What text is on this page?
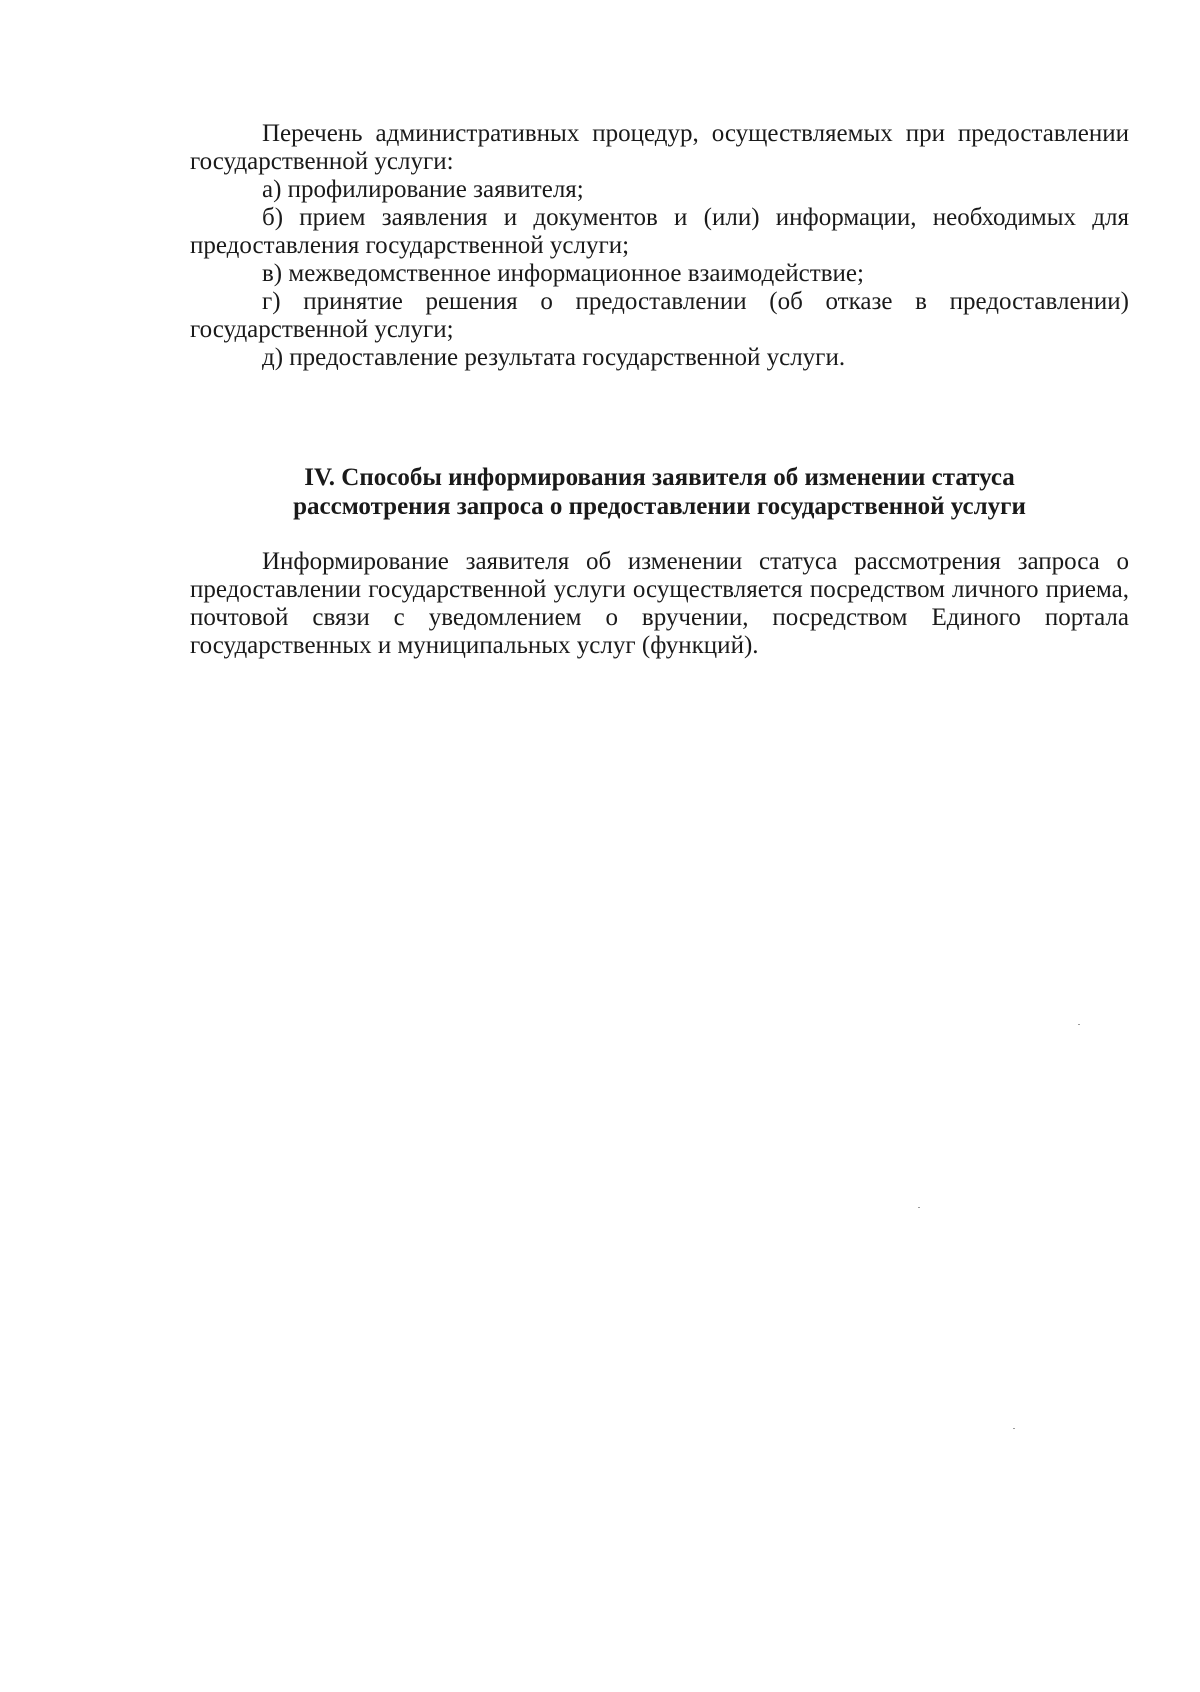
Перечень административных процедур, осуществляемых при предоставлении государственной услуги:

а) профилирование заявителя;

б) прием заявления и документов и (или) информации, необходимых для предоставления государственной услуги;

в) межведомственное информационное взаимодействие;

г) принятие решения о предоставлении (об отказе в предоставлении) государственной услуги;

д) предоставление результата государственной услуги.

IV. Способы информирования заявителя об изменении статуса
рассмотрения запроса о предоставлении государственной услуги

Информирование заявителя об изменении статуса рассмотрения запроса о предоставлении государственной услуги осуществляется посредством личного приема, почтовой связи с уведомлением о вручении, посредством Единого портала государственных и муниципальных услуг (функций).
